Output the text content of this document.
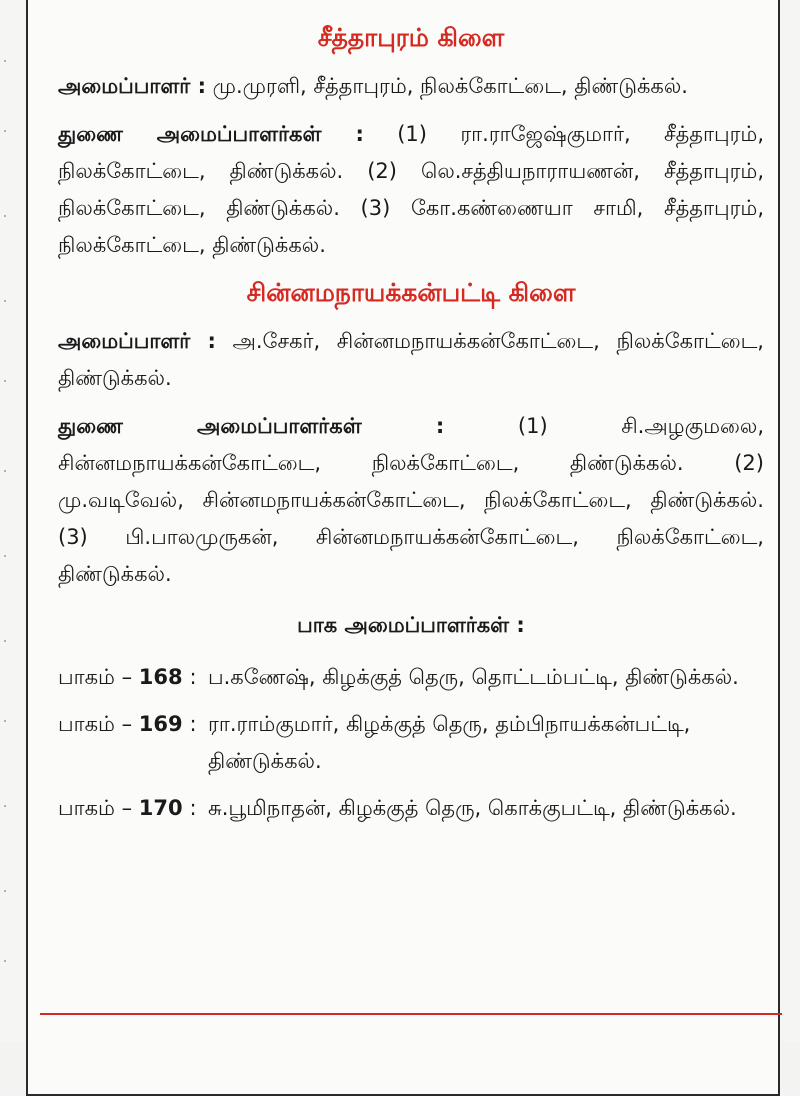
சீத்தாபுரம் கிளை

அமைப்பாளர் : மு.முரளி, சீத்தாபுரம், நிலக்கோட்டை, திண்டுக்கல்.

துணை அமைப்பாளர்கள் : (1) ரா.ராஜேஷ்குமார், சீத்தாபுரம், நிலக்கோட்டை, திண்டுக்கல். (2) லெ.சத்தியநாராயணன், சீத்தாபுரம், நிலக்கோட்டை, திண்டுக்கல். (3) கோ.கண்ணையா சாமி, சீத்தாபுரம், நிலக்கோட்டை, திண்டுக்கல்.

சின்னமநாயக்கன்பட்டி கிளை

அமைப்பாளர் : அ.சேகர், சின்னமநாயக்கன்கோட்டை, நிலக்கோட்டை, திண்டுக்கல்.

துணை அமைப்பாளர்கள் :	(1) சி.அழகுமலை, சின்னமநாயக்கன்கோட்டை, நிலக்கோட்டை, திண்டுக்கல். (2) மு.வடிவேல், சின்னமநாயக்கன்கோட்டை, நிலக்கோட்டை, திண்டுக்கல். (3) பி.பாலமுருகன், சின்னமநாயக்கன்கோட்டை, நிலக்கோட்டை, திண்டுக்கல்.

பாக அமைப்பாளர்கள் :
பாகம் – 168 : ப.கணேஷ், கிழக்குத் தெரு, தொட்டம்பட்டி, திண்டுக்கல்.
பாகம் – 169 : ரா.ராம்குமார், கிழக்குத் தெரு, தம்பிநாயக்கன்பட்டி, திண்டுக்கல்.
பாகம் – 170 : சு.பூமிநாதன், கிழக்குத் தெரு, கொக்குபட்டி, திண்டுக்கல்.
